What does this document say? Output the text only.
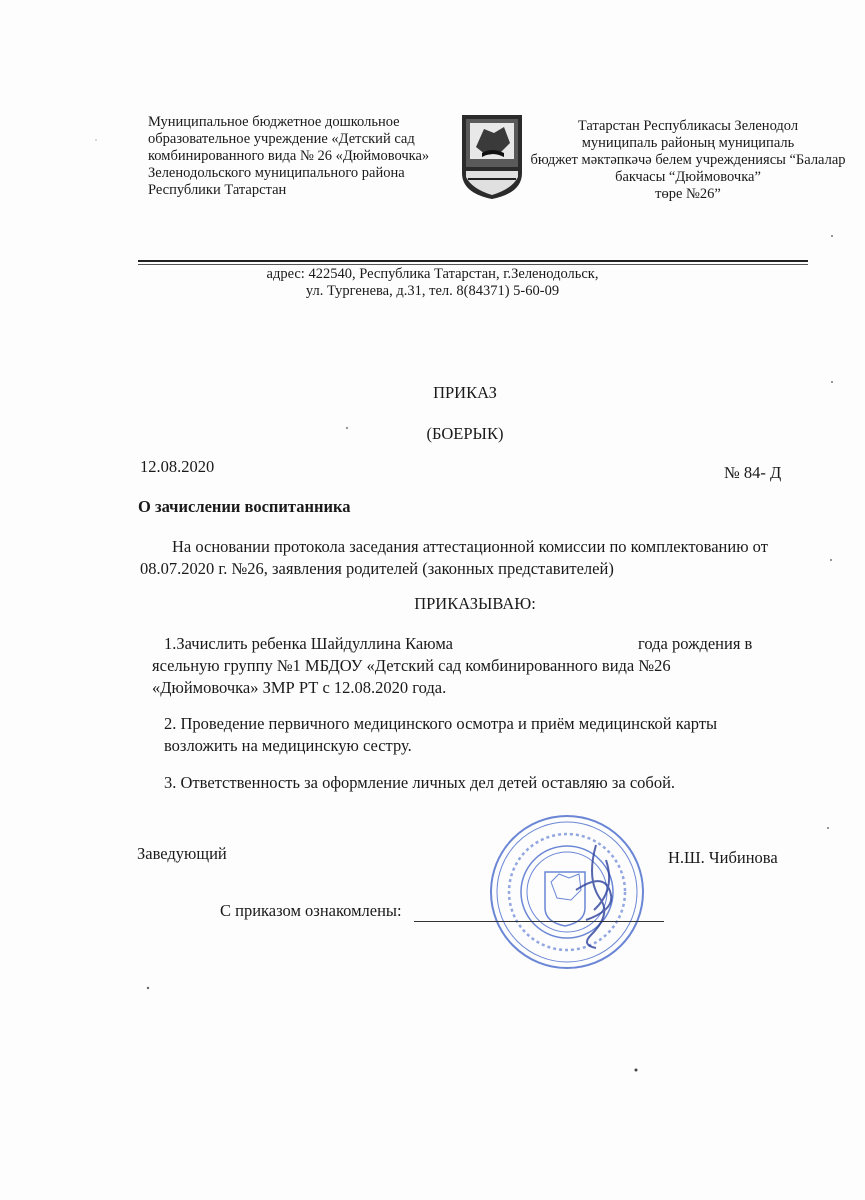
Муниципальное бюджетное дошкольное
образовательное учреждение «Детский сад
комбинированного вида № 26 «Дюймовочка»
Зеленодольского муниципального района
Республики Татарстан
Татарстан Республикасы Зеленодол
муниципаль районың муниципаль
бюджет мәктәпкәчә белем учреждениясы “Балалар
бакчасы “Дюймовочка”
төре №26”
адрес: 422540, Республика Татарстан, г.Зеленодольск,
ул. Тургенева, д.31, тел. 8(84371) 5-60-09
ПРИКАЗ
(БОЕРЫК)
12.08.2020	№ 84- Д
О зачислении воспитанника
На основании протокола заседания аттестационной комиссии по комплектованию от
08.07.2020 г. №26, заявления родителей (законных представителей)
ПРИКАЗЫВАЮ:
1.Зачислить ребенка Шайдуллина Каюма	года рождения в
ясельную группу №1 МБДОУ «Детский сад комбинированного вида №26
«Дюймовочка» ЗМР РТ с 12.08.2020 года.
2. Проведение первичного медицинского осмотра и приём медицинской карты
возложить на медицинскую сестру.
3. Ответственность за оформление личных дел детей оставляю за собой.
Заведующий	Н.Ш. Чибинова
С приказом ознакомлены:
